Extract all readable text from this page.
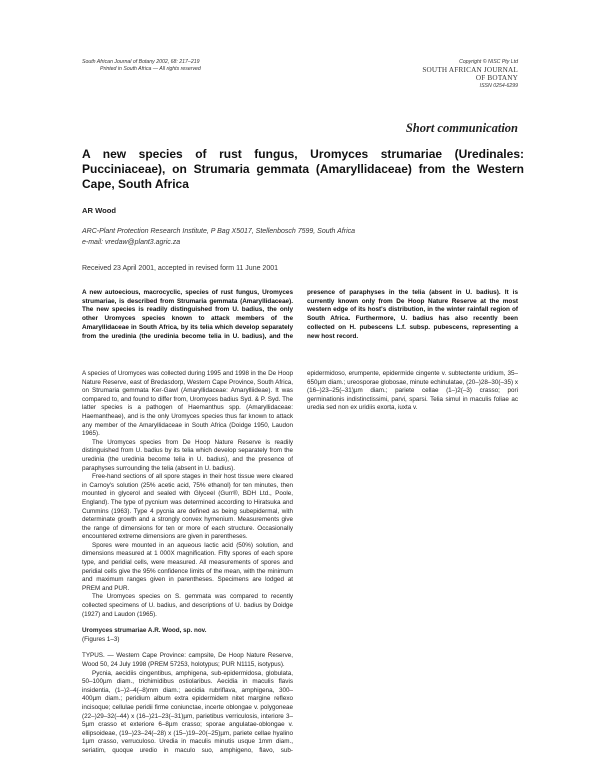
South African Journal of Botany 2002, 68: 217–219
Printed in South Africa — All rights reserved
Copyright © NISC Pty Ltd
SOUTH AFRICAN JOURNAL
OF BOTANY
ISSN 0254-6299
Short communication
A new species of rust fungus, Uromyces strumariae (Uredinales: Pucciniaceae), on Strumaria gemmata (Amaryllidaceae) from the Western Cape, South Africa
AR Wood
ARC-Plant Protection Research Institute, P Bag X5017, Stellenbosch 7599, South Africa
e-mail: vredaw@plant3.agric.za
Received 23 April 2001, accepted in revised form 11 June 2001
A new autoecious, macrocyclic, species of rust fungus, Uromyces strumariae, is described from Strumaria gemmata (Amaryllidaceae). The new species is readily distinguished from U. badius, the only other Uromyces species known to attack members of the Amaryllidaceae in South Africa, by its telia which develop separately from the uredinia (the uredinia become telia in U. badius), and the presence of paraphyses in the telia (absent in U. badius). It is currently known only from De Hoop Nature Reserve at the most western edge of its host's distribution, in the winter rainfall region of South Africa. Furthermore, U. badius has also recently been collected on H. pubescens L.f. subsp. pubescens, representing a new host record.

A species of Uromyces was collected during 1995 and 1998 in the De Hoop Nature Reserve, east of Bredasdorp, Western Cape Province, South Africa, on Strumaria gemmata Ker-Gawl (Amaryllidaceae: Amarylliideae). It was compared to, and found to differ from, Uromyces badius Syd. & P. Syd. The latter species is a pathogen of Haemanthus spp. (Amaryllidaceae: Haemantheae), and is the only Uromyces species thus far known to attack any member of the Amaryllidaceae in South Africa (Doidge 1950, Laudon 1965).

The Uromyces species from De Hoop Nature Reserve is readily distinguished from U. badius by its telia which develop separately from the uredinia (the uredinia become telia in U. badius), and the presence of paraphyses surrounding the telia (absent in U. badius).

Free-hand sections of all spore stages in their host tissue were cleared in Carnoy's solution (25% acetic acid, 75% ethanol) for ten minutes, then mounted in glycerol and sealed with Glyceel (Gurr®, BDH Ltd., Poole, England). The type of pycnium was determined according to Hiratsuka and Cummins (1963). Type 4 pycnia are defined as being subepidermal, with determinate growth and a strongly convex hymenium. Measurements give the range of dimensions for ten or more of each structure. Occasionally encountered extreme dimensions are given in parentheses.

Spores were mounted in an aqueous lactic acid (50%) solution, and dimensions measured at 1 000X magnification. Fifty spores of each spore type, and peridial cells, were measured. All measurements of spores and peridial cells give the 95% confidence limits of the mean, with the minimum and maximum ranges given in parentheses. Specimens are lodged at PREM and PUR.

The Uromyces species on S. gemmata was compared to recently collected specimens of U. badius, and descriptions of U. badius by Doidge (1927) and Laudon (1965).

Uromyces strumariae A.R. Wood, sp. nov.

(Figures 1–3)

TYPUS. — Western Cape Province: campsite, De Hoop Nature Reserve, Wood 50, 24 July 1998 (PREM 57253, holotypus; PUR N1115, isotypus).

Pycnia, aecidiis cingentibus, amphigena, sub-epidermidosa, globulata, 50–100µm diam., trichimidibus ostiolaribus. Aecidia in maculis flavis insidentia, (1–)2–4(–8)mm diam.; aecidia rubriflava, amphigena, 300–400µm diam.; peridium album extra epidermidem nitet margine reflexo incisoque; cellulae peridii firme coniunctae, incerte oblongae v. polygoneae (22–)29–32(–44) x (16–)21–23(–31)µm, parietibus verriculosis, interiore 3–5µm crasso et exteriore 6–8µm crasso; sporae angulatae-oblongae v. ellipsoideae, (19–)23–24(–28) x (15–)19–20(–25)µm, pariete cellae hyalino 1µm crasso, verruculoso. Uredia in maculis minutis usque 1mm diam., seriatim, quoque uredio in maculo suo, amphigeno, flavo, sub-epidermidoso, erumpente, epidermide cingente v. subtectente uridium, 35–650µm diam.; ureosporae globosae, minute echinulatae, (20–)28–30(–35) x (16–)23–25(–31)µm diam.; pariete cellae (1–)2(–3) crasso; pori germinationis indistinctissimi, parvi, sparsi. Telia simul in maculis foliae ac uredia sed non ex uridiis exorta, iuxta v.
